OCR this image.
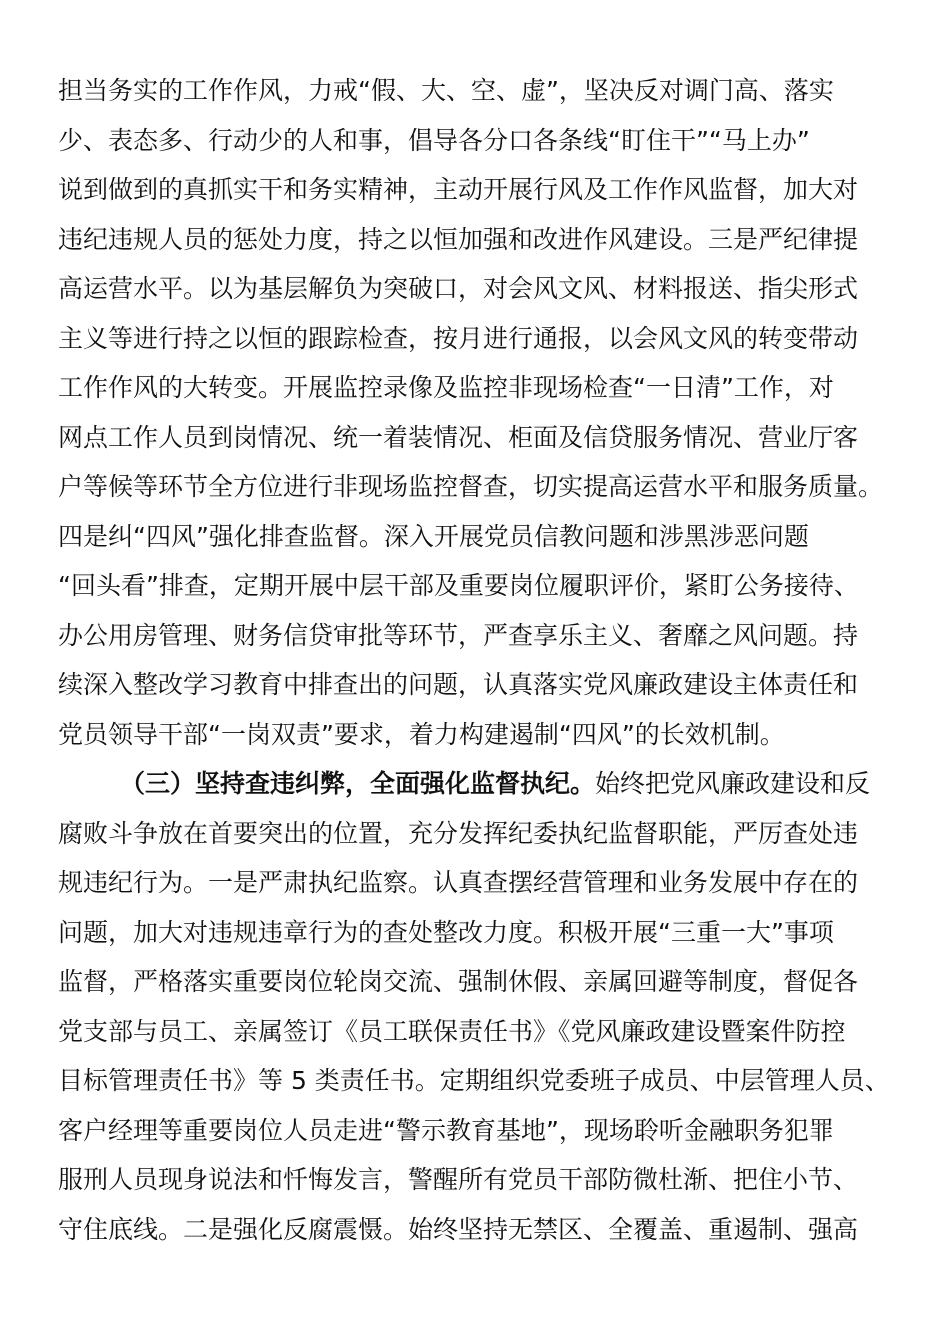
担当务实的工作作风，力戒“假、大、空、虚”，坚决反对调门高、落实
少、表态多、行动少的人和事，倡导各分口各条线“盯住干”“马上办”
说到做到的真抓实干和务实精神，主动开展行风及工作作风监督，加大对
违纪违规人员的惩处力度，持之以恒加强和改进作风建设。三是严纪律提
高运营水平。以为基层解负为突破口，对会风文风、材料报送、指尖形式
主义等进行持之以恒的跟踪检查，按月进行通报，以会风文风的转变带动
工作作风的大转变。开展监控录像及监控非现场检查“一日清”工作，对
网点工作人员到岗情况、统一着装情况、柜面及信贷服务情况、营业厅客
户等候等环节全方位进行非现场监控督查，切实提高运营水平和服务质量。
四是纠“四风”强化排查监督。深入开展党员信教问题和涉黑涉恶问题
“回头看”排查，定期开展中层干部及重要岗位履职评价，紧盯公务接待、
办公用房管理、财务信贷审批等环节，严查享乐主义、奢靡之风问题。持
续深入整改学习教育中排查出的问题，认真落实党风廉政建设主体责任和
党员领导干部“一岗双责”要求，着力构建遏制“四风”的长效机制。
（三）坚持查违纠弊，全面强化监督执纪。始终把党风廉政建设和反
腐败斗争放在首要突出的位置，充分发挥纪委执纪监督职能，严厉查处违
规违纪行为。一是严肃执纪监察。认真查摆经营管理和业务发展中存在的
问题，加大对违规违章行为的查处整改力度。积极开展“三重一大”事项
监督，严格落实重要岗位轮岗交流、强制休假、亲属回避等制度，督促各
党支部与员工、亲属签订《员工联保责任书》《党风廉政建设暨案件防控
目标管理责任书》等 5 类责任书。定期组织党委班子成员、中层管理人员、
客户经理等重要岗位人员走进“警示教育基地”，现场聆听金融职务犯罪
服刑人员现身说法和忏悔发言，警醒所有党员干部防微杜渐、把住小节、
守住底线。二是强化反腐震慑。始终坚持无禁区、全覆盖、重遏制、强高
